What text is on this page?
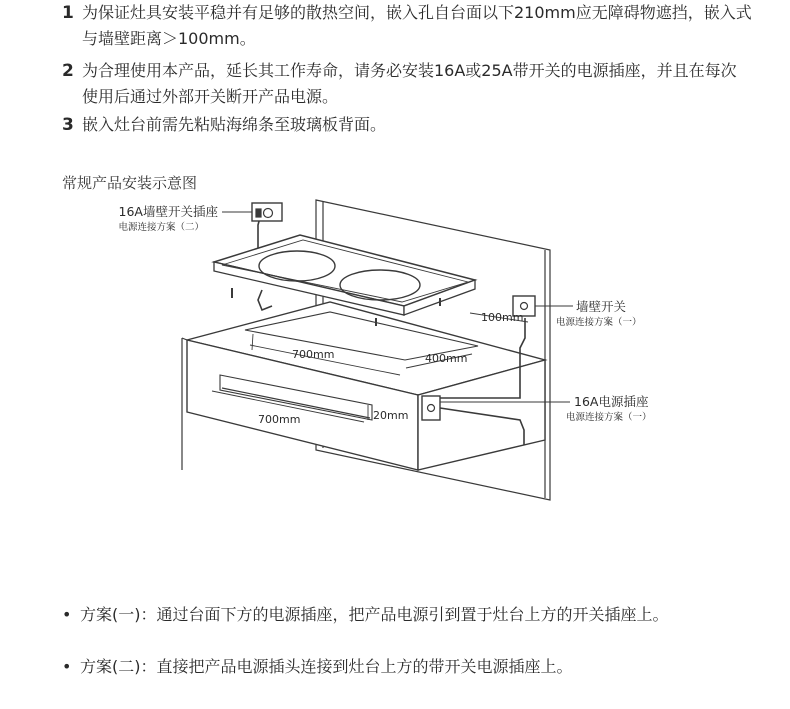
1 为保证灶具安装平稳并有足够的散热空间，嵌入孔自台面以下210mm应无障碍物遮挡，嵌入式与墙壁距离＞100mm。
2 为合理使用本产品，延长其工作寿命，请务必安装16A或25A带开关的电源插座，并且在每次使用后通过外部开关断开产品电源。
3 嵌入灶台前需先粘贴海绵条至玻璃板背面。
常规产品安装示意图
16A墙壁开关插座
电源连接方案（二）
墙壁开关
电源连接方案（一）
16A电源插座
电源连接方案（一）
100mm
700mm	400mm
700mm	20mm
• 方案(一)：通过台面下方的电源插座，把产品电源引到置于灶台上方的开关插座上。
• 方案(二)：直接把产品电源插头连接到灶台上方的带开关电源插座上。
